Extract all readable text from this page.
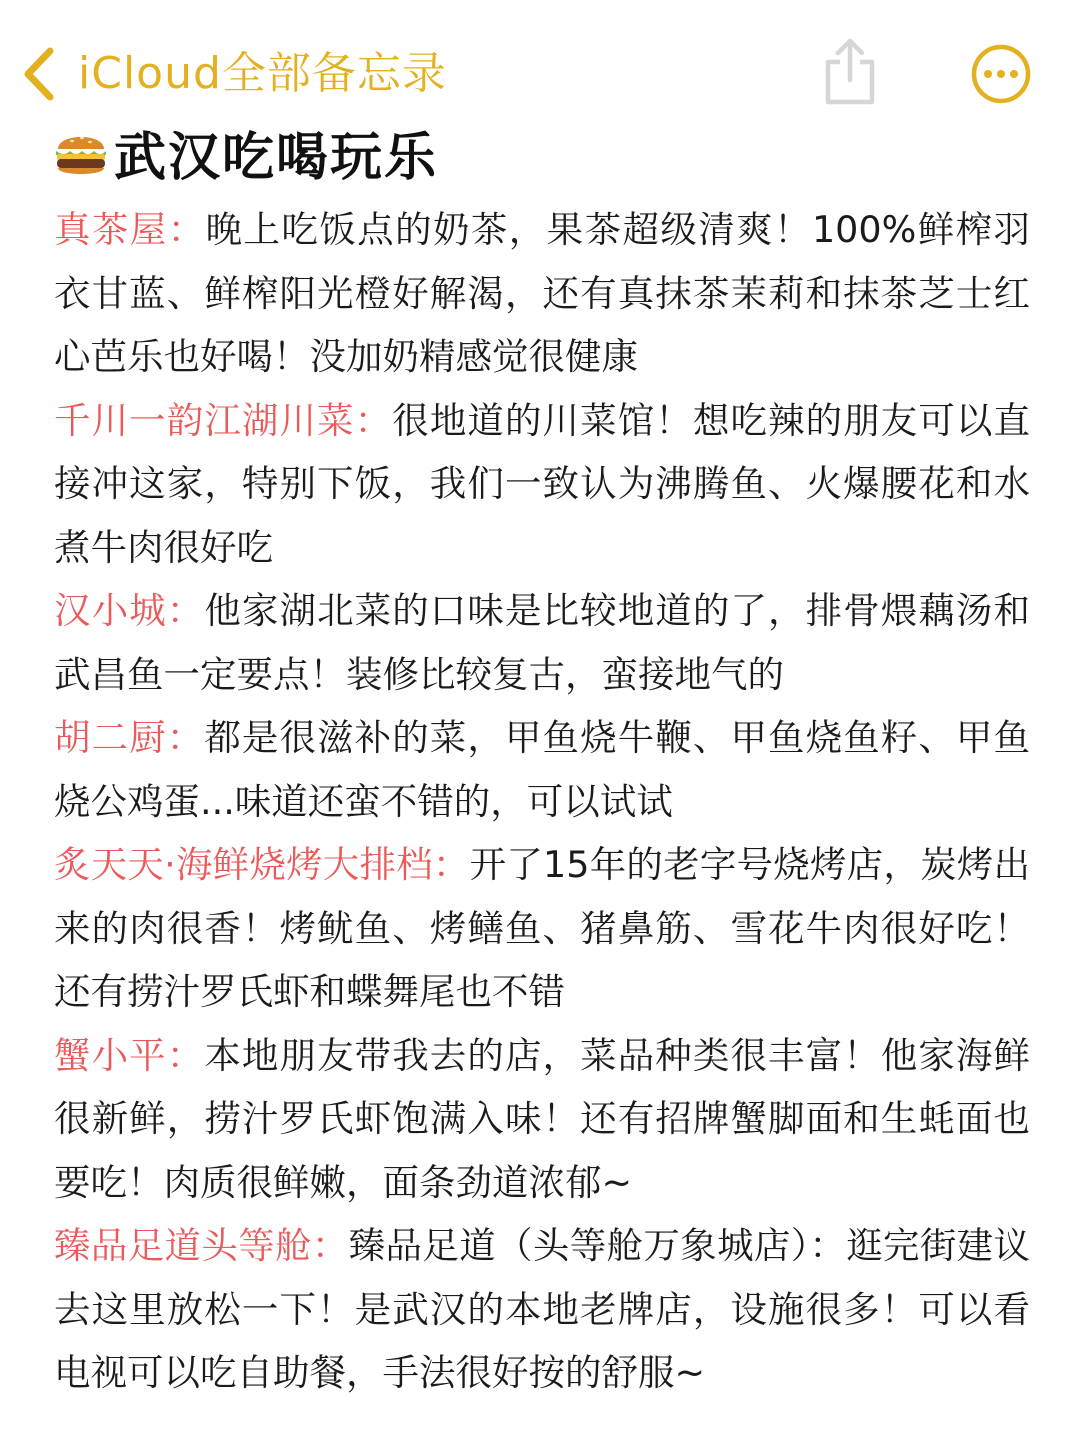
iCloud全部备忘录
武汉吃喝玩乐

真茶屋：晚上吃饭点的奶茶，果茶超级清爽！100%鲜榨羽衣甘蓝、鲜榨阳光橙好解渴，还有真抹茶茉莉和抹茶芝士红心芭乐也好喝！没加奶精感觉很健康

千川一韵江湖川菜：很地道的川菜馆！想吃辣的朋友可以直接冲这家，特别下饭，我们一致认为沸腾鱼、火爆腰花和水煮牛肉很好吃

汉小城：他家湖北菜的口味是比较地道的了，排骨煨藕汤和武昌鱼一定要点！装修比较复古，蛮接地气的

胡二厨：都是很滋补的菜，甲鱼烧牛鞭、甲鱼烧鱼籽、甲鱼烧公鸡蛋...味道还蛮不错的，可以试试

炙天天·海鲜烧烤大排档：开了15年的老字号烧烤店，炭烤出来的肉很香！烤鱿鱼、烤鳝鱼、猪鼻筋、雪花牛肉很好吃！还有捞汁罗氏虾和蝶舞尾也不错

蟹小平：本地朋友带我去的店，菜品种类很丰富！他家海鲜很新鲜，捞汁罗氏虾饱满入味！还有招牌蟹脚面和生蚝面也要吃！肉质很鲜嫩，面条劲道浓郁~

臻品足道头等舱：臻品足道（头等舱万象城店）：逛完街建议去这里放松一下！是武汉的本地老牌店，设施很多！可以看电视可以吃自助餐，手法很好按的舒服~
